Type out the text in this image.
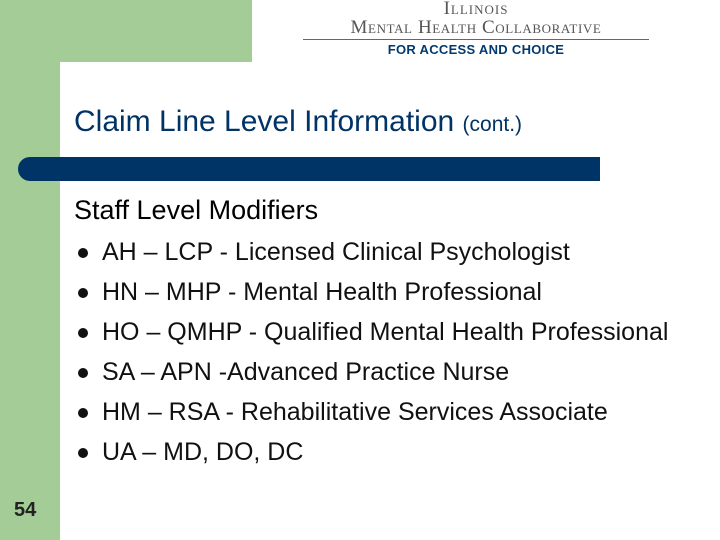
Illinois
Mental Health Collaborative
FOR ACCESS AND CHOICE
Claim Line Level Information (cont.)
Staff Level Modifiers
AH – LCP - Licensed Clinical Psychologist
HN – MHP - Mental Health Professional
HO – QMHP - Qualified Mental Health Professional
SA – APN -Advanced Practice Nurse
HM – RSA - Rehabilitative Services Associate
UA – MD, DO, DC
54
